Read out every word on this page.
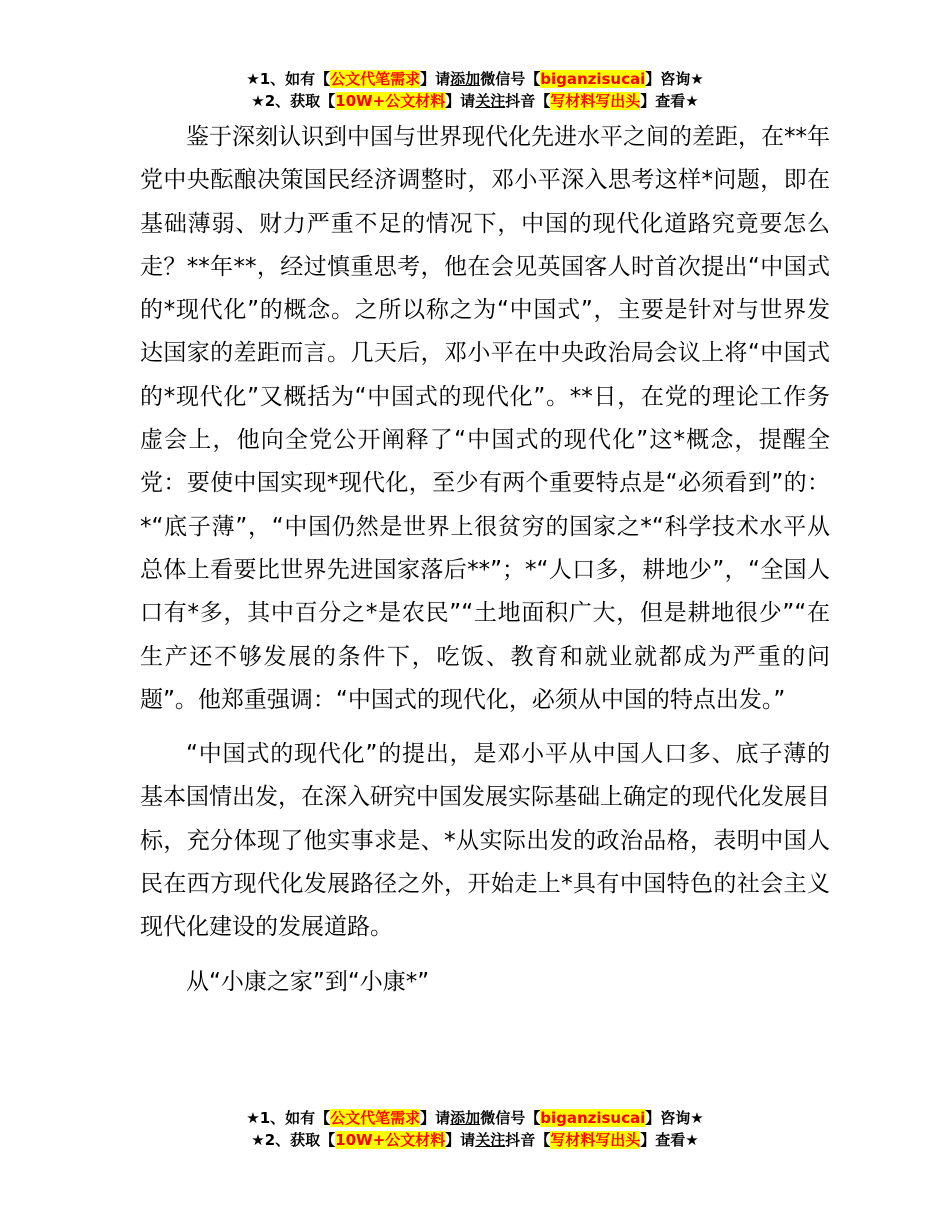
★1、如有【公文代笔需求】请添加微信号【biganzisucai】咨询★
★2、获取【10W+公文材料】请关注抖音【写材料写出头】查看★

鉴于深刻认识到中国与世界现代化先进水平之间的差距，在**年党中央酝酿决策国民经济调整时，邓小平深入思考这样*问题，即在基础薄弱、财力严重不足的情况下，中国的现代化道路究竟要怎么走？**年**，经过慎重思考，他在会见英国客人时首次提出“中国式的*现代化”的概念。之所以称之为“中国式”，主要是针对与世界发达国家的差距而言。几天后，邓小平在中央政治局会议上将“中国式的*现代化”又概括为“中国式的现代化”。**日，在党的理论工作务虚会上，他向全党公开阐释了“中国式的现代化”这*概念，提醒全党：要使中国实现*现代化，至少有两个重要特点是“必须看到”的：*“底子薄”，“中国仍然是世界上很贫穷的国家之*“科学技术水平从总体上看要比世界先进国家落后**”；*“人口多，耕地少”，“全国人口有*多，其中百分之*是农民”“土地面积广大，但是耕地很少”“在生产还不够发展的条件下，吃饭、教育和就业就都成为严重的问题”。他郑重强调：“中国式的现代化，必须从中国的特点出发。”

“中国式的现代化”的提出，是邓小平从中国人口多、底子薄的基本国情出发，在深入研究中国发展实际基础上确定的现代化发展目标，充分体现了他实事求是、*从实际出发的政治品格，表明中国人民在西方现代化发展路径之外，开始走上*具有中国特色的社会主义现代化建设的发展道路。

从“小康之家”到“小康*”

★1、如有【公文代笔需求】请添加微信号【biganzisucai】咨询★
★2、获取【10W+公文材料】请关注抖音【写材料写出头】查看★
